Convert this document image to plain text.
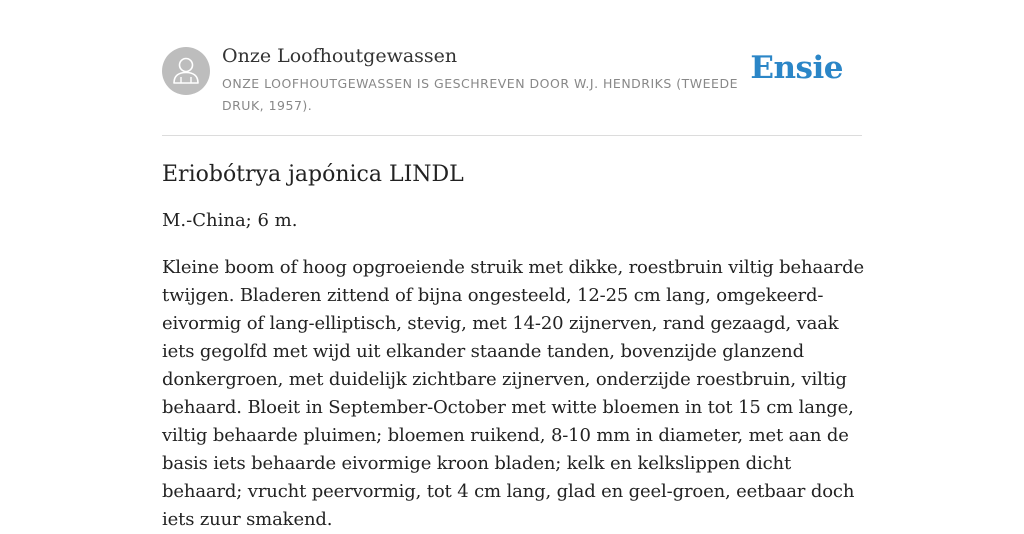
Onze Loofhoutgewassen
ONZE LOOFHOUTGEWASSEN IS GESCHREVEN DOOR W.J. HENDRIKS (TWEEDE DRUK, 1957).
Ensie
Eriobótrya japónica LINDL

M.-China; 6 m.

Kleine boom of hoog opgroeiende struik met dikke, roestbruin viltig behaarde twijgen. Bladeren zittend of bijna ongesteeld, 12-25 cm lang, omgekeerd-eivormig of lang-elliptisch, stevig, met 14-20 zijnerven, rand gezaagd, vaak iets gegolfd met wijd uit elkander staande tanden, bovenzijde glanzend donkergroen, met duidelijk zichtbare zijnerven, onderzijde roestbruin, viltig behaard. Bloeit in September-October met witte bloemen in tot 15 cm lange, viltig behaarde pluimen; bloemen ruikend, 8-10 mm in diameter, met aan de basis iets behaarde eivormige kroon bladen; kelk en kelkslippen dicht behaard; vrucht peervormig, tot 4 cm lang, glad en geel-groen, eetbaar doch iets zuur smakend.
